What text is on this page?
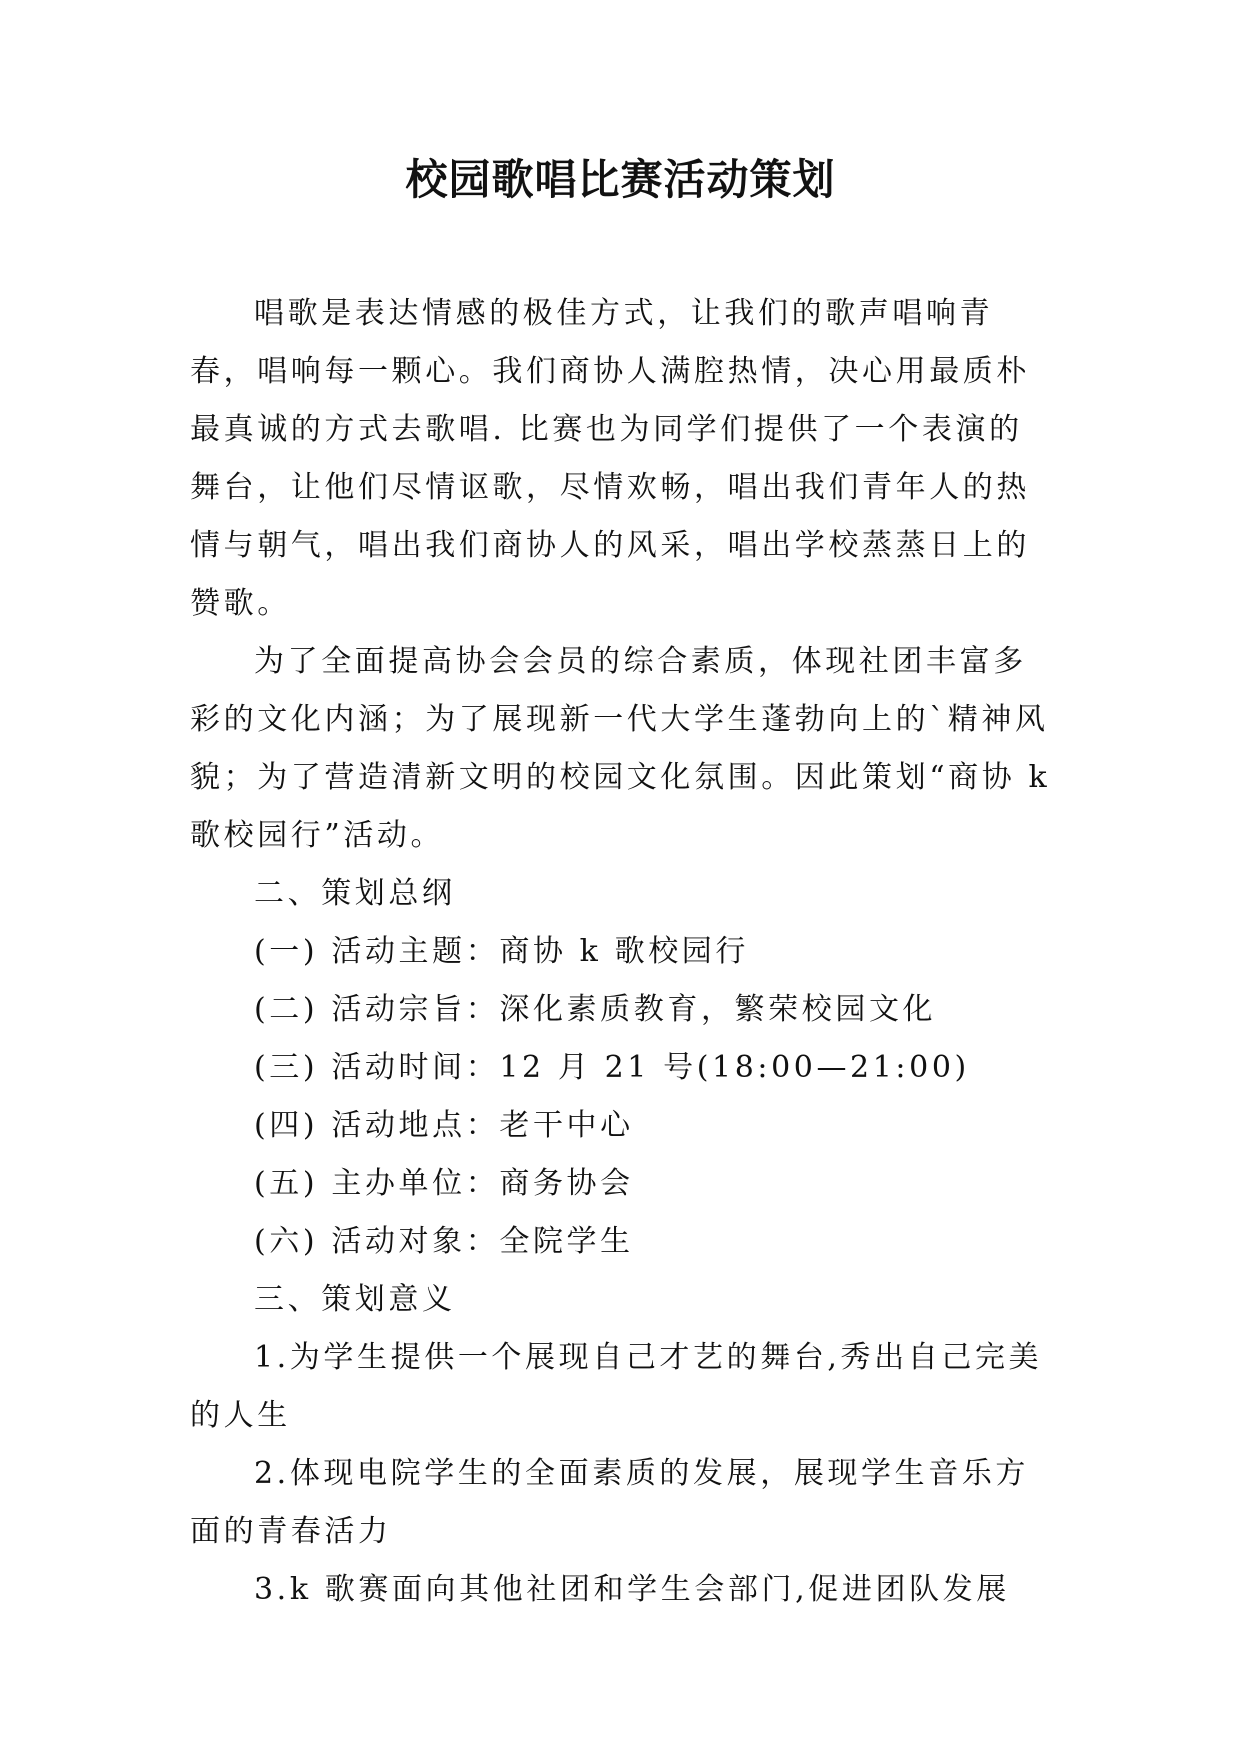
校园歌唱比赛活动策划

唱歌是表达情感的极佳方式，让我们的歌声唱响青春，唱响每一颗心。我们商协人满腔热情，决心用最质朴最真诚的方式去歌唱. 比赛也为同学们提供了一个表演的舞台，让他们尽情讴歌，尽情欢畅，唱出我们青年人的热情与朝气，唱出我们商协人的风采，唱出学校蒸蒸日上的赞歌。

为了全面提高协会会员的综合素质，体现社团丰富多彩的文化内涵；为了展现新一代大学生蓬勃向上的`精神风貌；为了营造清新文明的校园文化氛围。因此策划“商协 k 歌校园行”活动。

二、策划总纲

(一) 活动主题：商协 k 歌校园行

(二) 活动宗旨：深化素质教育，繁荣校园文化

(三) 活动时间：12 月 21 号(18:00—21:00)

(四) 活动地点：老干中心

(五) 主办单位：商务协会

(六) 活动对象：全院学生

三、策划意义

1.为学生提供一个展现自己才艺的舞台,秀出自己完美的人生

2.体现电院学生的全面素质的发展，展现学生音乐方面的青春活力

3.k 歌赛面向其他社团和学生会部门,促进团队发展
